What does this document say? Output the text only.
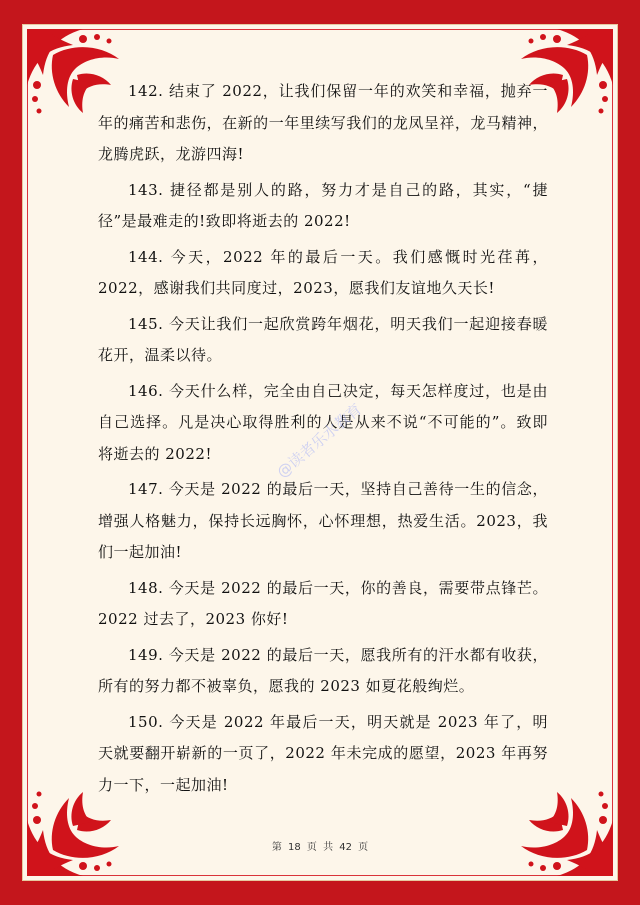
142. 结束了 2022，让我们保留一年的欢笑和幸福，抛弃一年的痛苦和悲伤，在新的一年里续写我们的龙凤呈祥，龙马精神，龙腾虎跃，龙游四海!

143. 捷径都是别人的路，努力才是自己的路，其实，“捷径”是最难走的!致即将逝去的 2022!

144. 今天，2022 年的最后一天。我们感慨时光荏苒，2022，感谢我们共同度过，2023，愿我们友谊地久天长!

145. 今天让我们一起欣赏跨年烟花，明天我们一起迎接春暖花开，温柔以待。

146. 今天什么样，完全由自己决定，每天怎样度过，也是由自己选择。凡是决心取得胜利的人是从来不说“不可能的”。致即将逝去的 2022!

147. 今天是 2022 的最后一天，坚持自己善待一生的信念，增强人格魅力，保持长远胸怀，心怀理想，热爱生活。2023，我们一起加油!

148. 今天是 2022 的最后一天，你的善良，需要带点锋芒。2022 过去了，2023 你好!

149. 今天是 2022 的最后一天，愿我所有的汗水都有收获，所有的努力都不被辜负，愿我的 2023 如夏花般绚烂。

150. 今天是 2022 年最后一天，明天就是 2023 年了，明天就要翻开崭新的一页了，2022 年未完成的愿望，2023 年再努力一下，一起加油!

@读者乐水教育
第 18 页 共 42 页
